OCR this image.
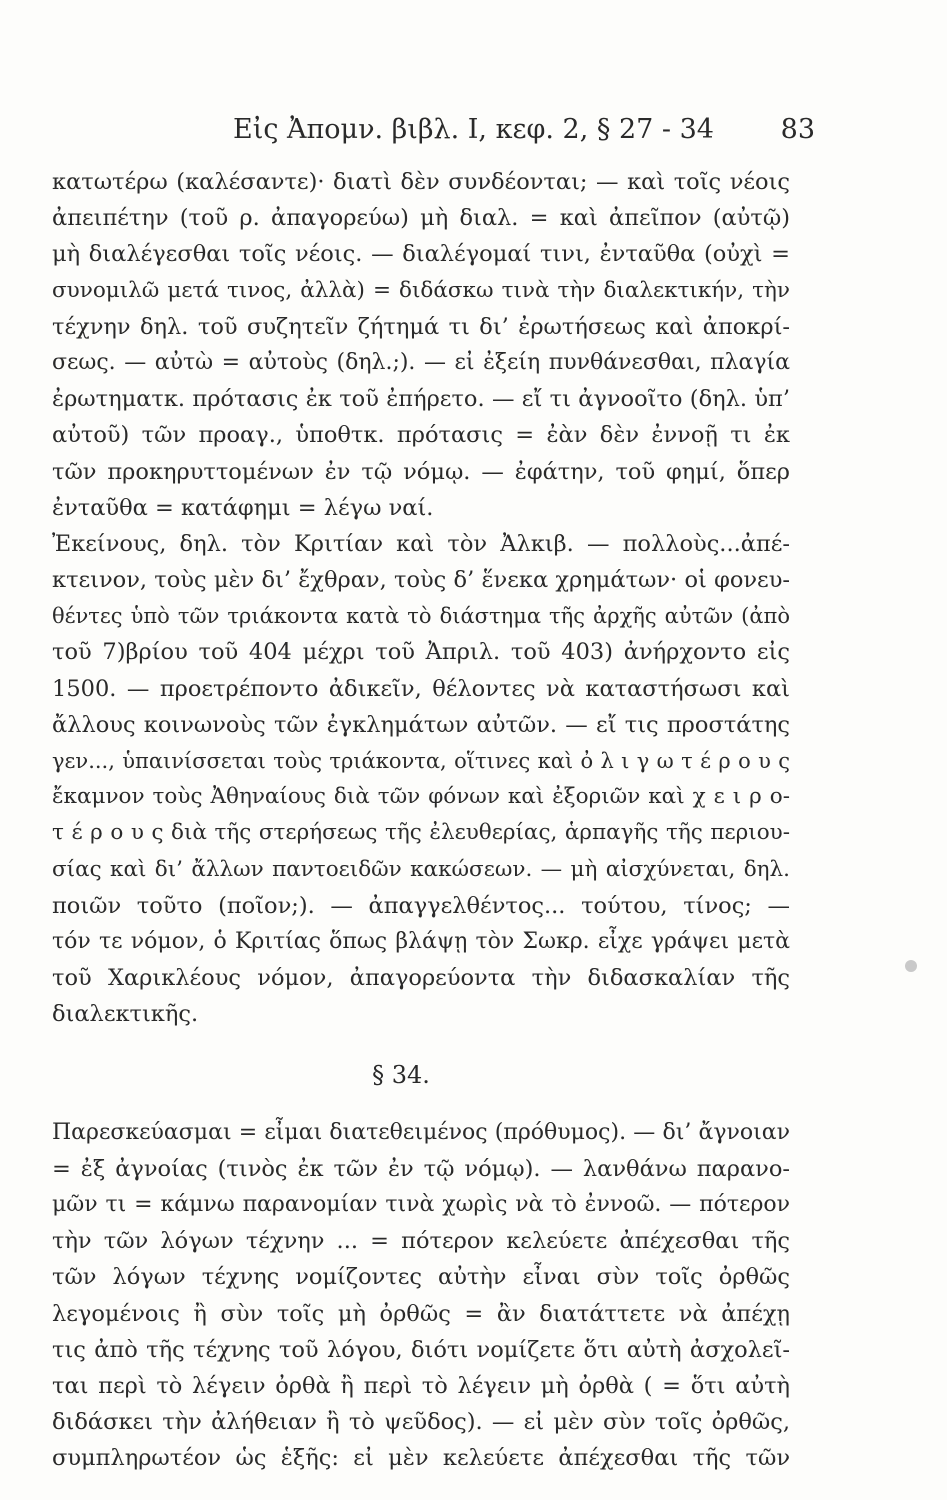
Εἰς Ἀπομν. βιβλ. Ι, κεφ. 2, § 27 - 34	83
κατωτέρω (καλέσαντε)· διατὶ δὲν συνδέονται; — καὶ τοῖς νέοις
ἀπειπέτην (τοῦ ρ. ἀπαγορεύω) μὴ διαλ. = καὶ ἀπεῖπον (αὐτῷ)
μὴ διαλέγεσθαι τοῖς νέοις. — διαλέγομαί τινι, ἐνταῦθα (οὐχὶ =
συνομιλῶ μετά τινος, ἀλλὰ) = διδάσκω τινὰ τὴν διαλεκτικήν, τὴν
τέχνην δηλ. τοῦ συζητεῖν ζήτημά τι δι’ ἐρωτήσεως καὶ ἀποκρί-
σεως. — αὐτὼ = αὐτοὺς (δηλ.;). — εἰ ἐξείη πυνθάνεσθαι, πλαγία
ἐρωτηματκ. πρότασις ἐκ τοῦ ἐπήρετο. — εἴ τι ἀγνοοῖτο (δηλ. ὑπ’
αὐτοῦ) τῶν προαγ., ὑποθτκ. πρότασις = ἐὰν δὲν ἐννοῇ τι ἐκ
τῶν προκηρυττομένων ἐν τῷ νόμῳ. — ἐφάτην, τοῦ φημί, ὅπερ
ἐνταῦθα = κατάφημι = λέγω ναί.
Ἐκείνους, δηλ. τὸν Κριτίαν καὶ τὸν Ἀλκιβ. — πολλοὺς...ἀπέ-
κτεινον, τοὺς μὲν δι’ ἔχθραν, τοὺς δ’ ἕνεκα χρημάτων· οἱ φονευ-
θέντες ὑπὸ τῶν τριάκοντα κατὰ τὸ διάστημα τῆς ἀρχῆς αὐτῶν (ἀπὸ
τοῦ 7)βρίου τοῦ 404 μέχρι τοῦ Ἀπριλ. τοῦ 403) ἀνήρχοντο εἰς
1500. — προετρέποντο ἀδικεῖν, θέλοντες νὰ καταστήσωσι καὶ
ἄλλους κοινωνοὺς τῶν ἐγκλημάτων αὐτῶν. — εἴ τις προστάτης
γεν..., ὑπαινίσσεται τοὺς τριάκοντα, οἵτινες καὶ ὀ λ ι γ ω τ έ ρ ο υ ς
ἔκαμνον τοὺς Ἀθηναίους διὰ τῶν φόνων καὶ ἐξοριῶν καὶ χ ε ι ρ ο-
τ έ ρ ο υ ς διὰ τῆς στερήσεως τῆς ἐλευθερίας, ἁρπαγῆς τῆς περιου-
σίας καὶ δι’ ἄλλων παντοειδῶν κακώσεων. — μὴ αἰσχύνεται, δηλ.
ποιῶν τοῦτο (ποῖον;). — ἀπαγγελθέντος... τούτου, τίνος; —
τόν τε νόμον, ὁ Κριτίας ὅπως βλάψῃ τὸν Σωκρ. εἶχε γράψει μετὰ
τοῦ Χαρικλέους νόμον, ἀπαγορεύοντα τὴν διδασκαλίαν τῆς
διαλεκτικῆς.
§ 34.
Παρεσκεύασμαι = εἶμαι διατεθειμένος (πρόθυμος). — δι’ ἄγνοιαν
= ἐξ ἀγνοίας (τινὸς ἐκ τῶν ἐν τῷ νόμῳ). — λανθάνω παρανο-
μῶν τι = κάμνω παρανομίαν τινὰ χωρὶς νὰ τὸ ἐννοῶ. — πότερον
τὴν τῶν λόγων τέχνην ... = πότερον κελεύετε ἀπέχεσθαι τῆς
τῶν λόγων τέχνης νομίζοντες αὐτὴν εἶναι σὺν τοῖς ὀρθῶς
λεγομένοις ἢ σὺν τοῖς μὴ ὀρθῶς = ἂν διατάττετε νὰ ἀπέχῃ
τις ἀπὸ τῆς τέχνης τοῦ λόγου, διότι νομίζετε ὅτι αὐτὴ ἀσχολεῖ-
ται περὶ τὸ λέγειν ὀρθὰ ἢ περὶ τὸ λέγειν μὴ ὀρθὰ ( = ὅτι αὐτὴ
διδάσκει τὴν ἀλήθειαν ἢ τὸ ψεῦδος). — εἰ μὲν σὺν τοῖς ὀρθῶς,
συμπληρωτέον ὡς ἑξῆς: εἰ μὲν κελεύετε ἀπέχεσθαι τῆς τῶν
